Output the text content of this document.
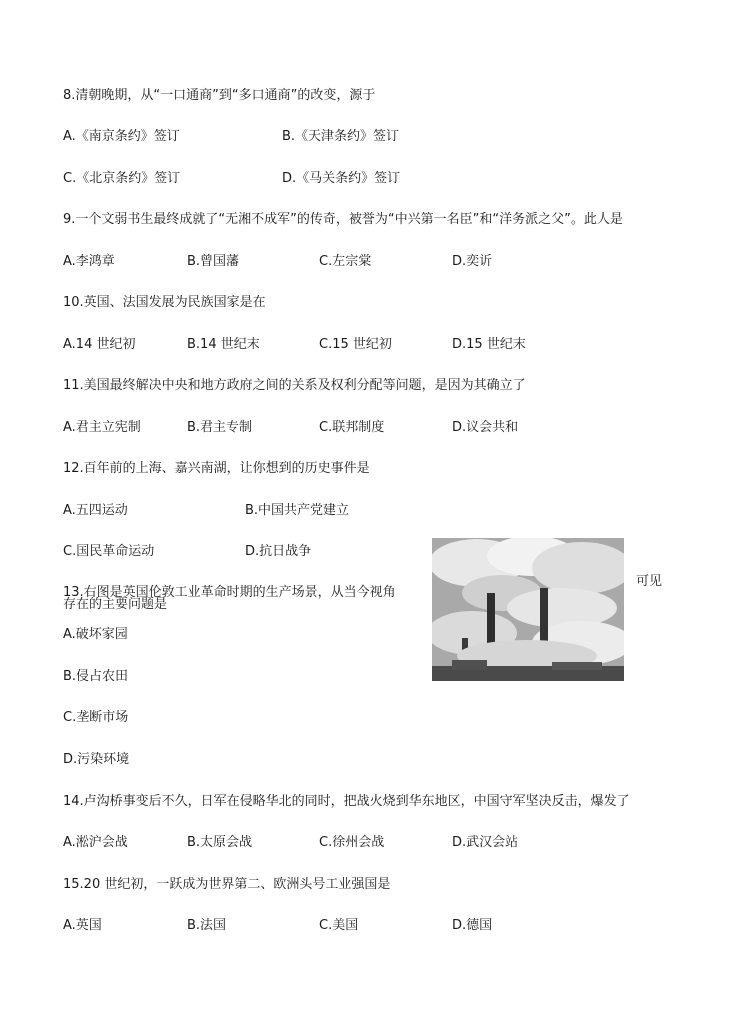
8.清朝晚期，从“一口通商”到“多口通商”的改变，源于
A.《南京条约》签订	B.《天津条约》签订
C.《北京条约》签订	D.《马关条约》签订
9.一个文弱书生最终成就了“无湘不成军”的传奇，被誉为“中兴第一名臣”和“洋务派之父”。此人是
A.李鸿章	B.曾国藩	C.左宗棠	D.奕䜣
10.英国、法国发展为民族国家是在
A.14 世纪初	B.14 世纪末	C.15 世纪初	D.15 世纪末
11.美国最终解决中央和地方政府之间的关系及权利分配等问题，是因为其确立了
A.君主立宪制	B.君主专制	C.联邦制度	D.议会共和
12.百年前的上海、嘉兴南湖，让你想到的历史事件是
A.五四运动	B.中国共产党建立
C.国民革命运动	D.抗日战争
13.右图是英国伦敦工业革命时期的生产场景，从当今视角
可见
存在的主要问题是
A.破坏家园
B.侵占农田
C.垄断市场
D.污染环境
14.卢沟桥事变后不久，日军在侵略华北的同时，把战火烧到华东地区，中国守军坚决反击，爆发了
A.淞沪会战	B.太原会战	C.徐州会战	D.武汉会站
15.20 世纪初，一跃成为世界第二、欧洲头号工业强国是
A.英国	B.法国	C.美国	D.德国
